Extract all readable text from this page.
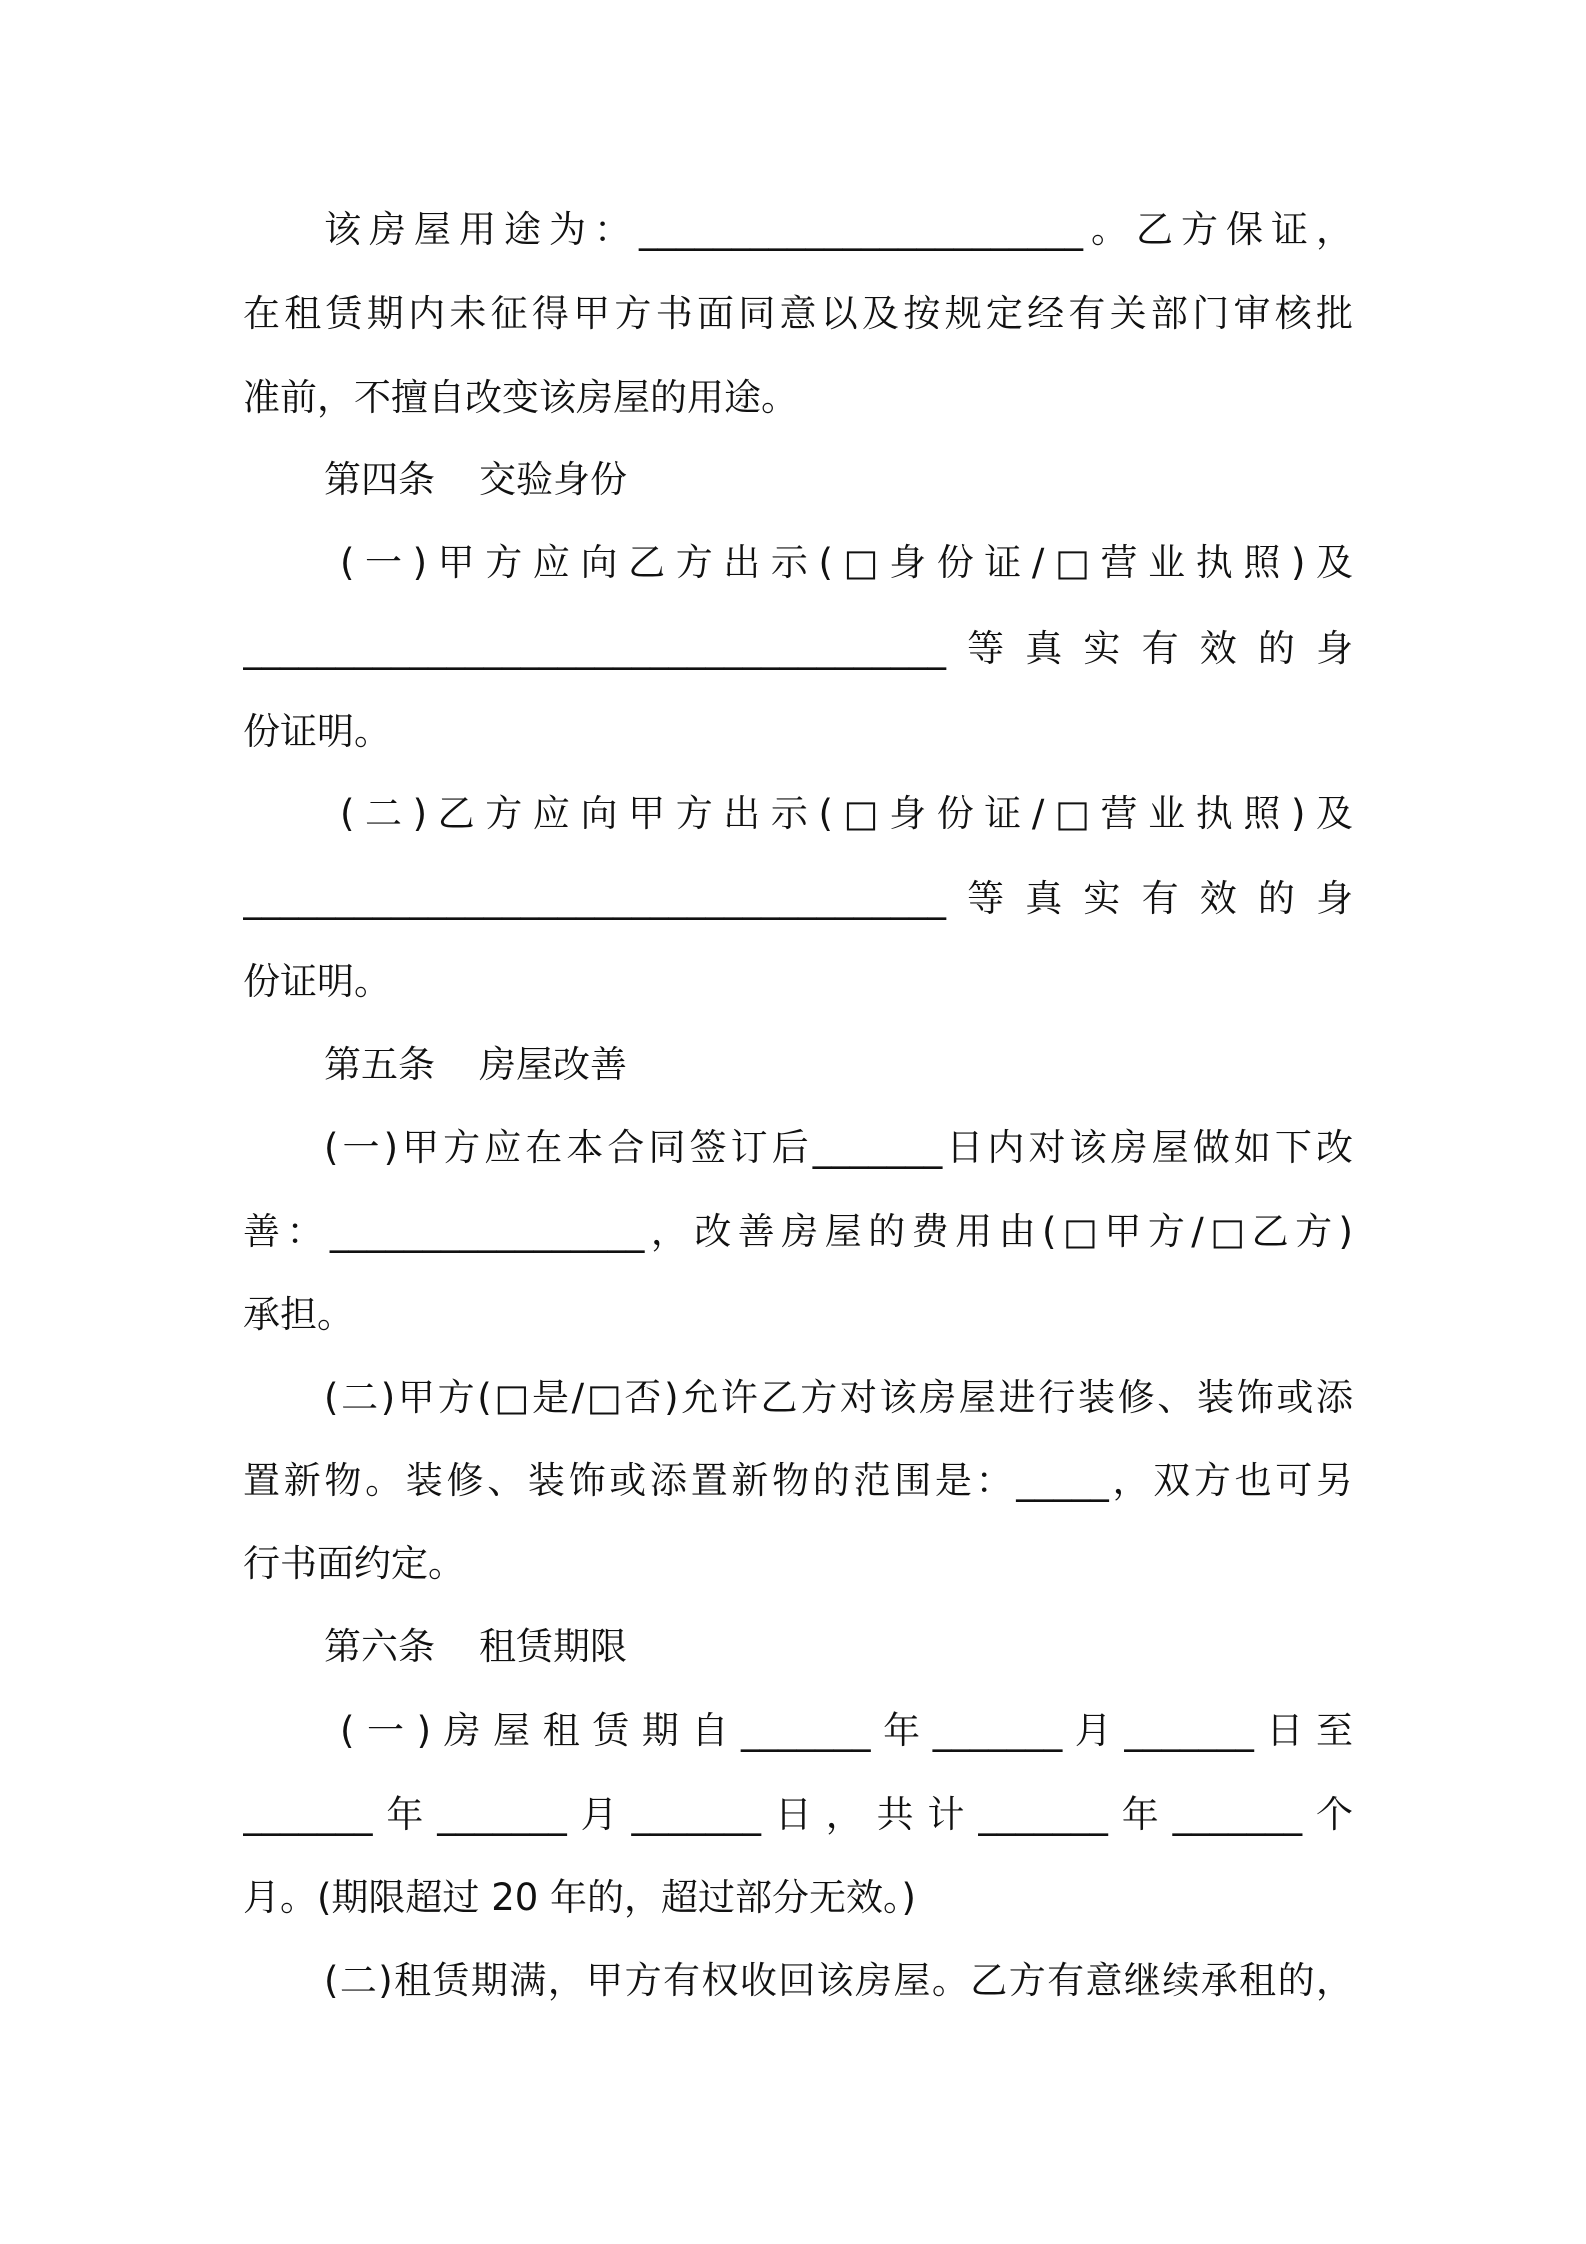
该房屋用途为：________________________。乙方保证，
在租赁期内未征得甲方书面同意以及按规定经有关部门审核批
准前，不擅自改变该房屋的用途。
第四条 交验身份
(一)甲方应向乙方出示(□身份证/□营业执照)及
______________________________________等真实有效的身
份证明。
(二)乙方应向甲方出示(□身份证/□营业执照)及
______________________________________等真实有效的身
份证明。
第五条 房屋改善
(一)甲方应在本合同签订后_______日内对该房屋做如下改
善：_________________，改善房屋的费用由(□甲方/□乙方)
承担。
(二)甲方(□是/□否)允许乙方对该房屋进行装修、装饰或添
置新物。装修、装饰或添置新物的范围是：_____，双方也可另
行书面约定。
第六条 租赁期限
(一)房屋租赁期自_______年_______月_______日至
_______年_______月_______日，共计_______年_______个
月。(期限超过 20 年的，超过部分无效。)
(二)租赁期满，甲方有权收回该房屋。乙方有意继续承租的，
